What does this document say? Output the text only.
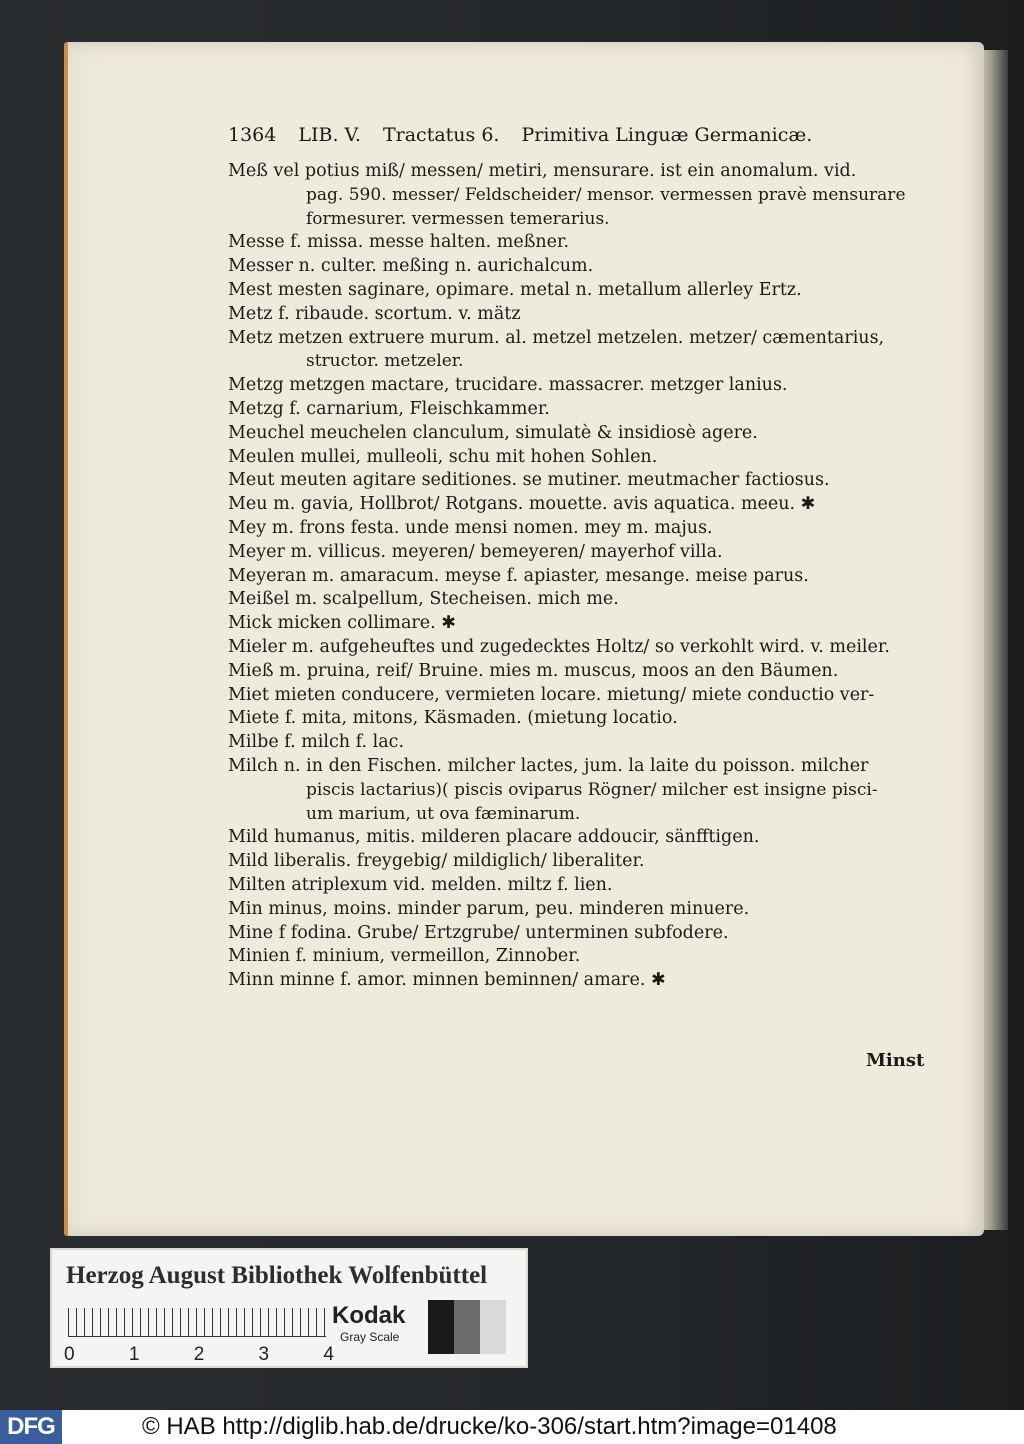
1364 LIB. V. Tractatus 6. Primitiva Linguæ Germanicæ.
Meß vel potius miß/ messen/ metiri, mensurare. ist ein anomalum. vid.
pag. 590. messer/ Feldscheider/ mensor. vermessen pravè mensurare
formesurer. vermessen temerarius.
Messe f. missa. messe halten. meßner.
Messer n. culter. meßing n. aurichalcum.
Mest mesten saginare, opimare. metal n. metallum allerley Ertz.
Metz f. ribaude. scortum. v. mätz
Metz metzen extruere murum. al. metzel metzelen. metzer/ cæmentarius,
structor. metzeler.
Metzg metzgen mactare, trucidare. massacrer. metzger lanius.
Metzg f. carnarium, Fleischkammer.
Meuchel meuchelen clanculum, simulatè & insidiosè agere.
Meulen mullei, mulleoli, schu mit hohen Sohlen.
Meut meuten agitare seditiones. se mutiner. meutmacher factiosus.
Meu m. gavia, Hollbrot/ Rotgans. mouette. avis aquatica. meeu. ✱
Mey m. frons festa. unde mensi nomen. mey m. majus.
Meyer m. villicus. meyeren/ bemeyeren/ mayerhof villa.
Meyeran m. amaracum. meyse f. apiaster, mesange. meise parus.
Meißel m. scalpellum, Stecheisen. mich me.
Mick micken collimare. ✱
Mieler m. aufgeheuftes und zugedecktes Holtz/ so verkohlt wird. v. meiler.
Mieß m. pruina, reif/ Bruine. mies m. muscus, moos an den Bäumen.
Miet mieten conducere, vermieten locare. mietung/ miete conductio ver-
Miete f. mita, mitons, Käsmaden. (mietung locatio.
Milbe f. milch f. lac.
Milch n. in den Fischen. milcher lactes, jum. la laite du poisson. milcher
piscis lactarius)( piscis oviparus Rögner/ milcher est insigne pisci-
um marium, ut ova fæminarum.
Mild humanus, mitis. milderen placare addoucir, sänfftigen.
Mild liberalis. freygebig/ mildiglich/ liberaliter.
Milten atriplexum vid. melden. miltz f. lien.
Min minus, moins. minder parum, peu. minderen minuere.
Mine f fodina. Grube/ Ertzgrube/ unterminen subfodere.
Minien f. minium, vermeillon, Zinnober.
Minn minne f. amor. minnen beminnen/ amare. ✱
Minst
Herzog August Bibliothek Wolfenbüttel
0	1	2	3	4
Kodak
Gray Scale
DFG	© HAB http://diglib.hab.de/drucke/ko-306/start.htm?image=01408
